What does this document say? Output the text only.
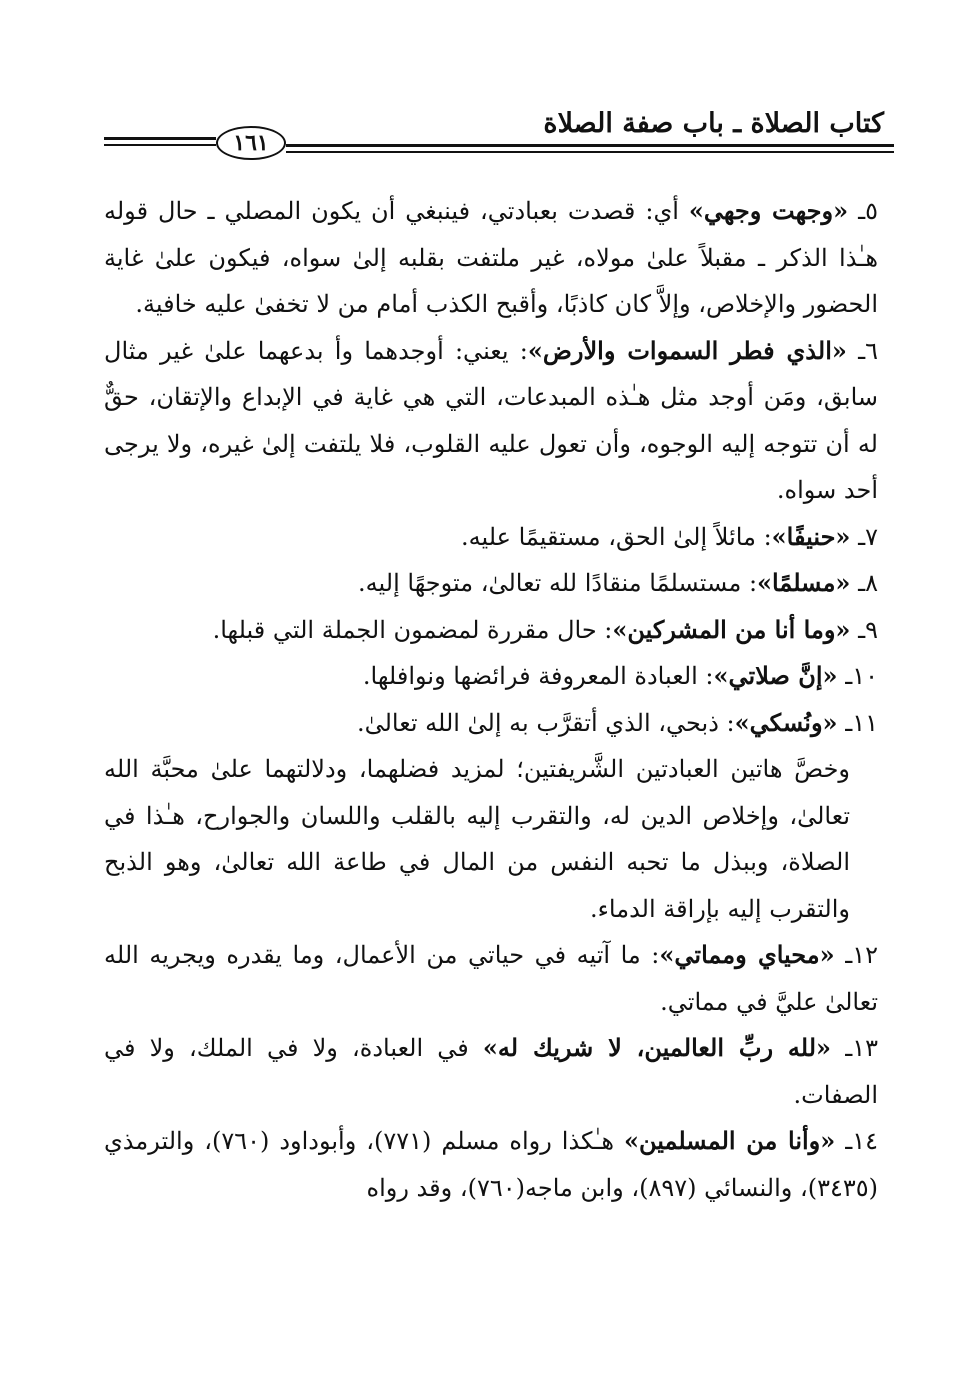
١٦١
كتاب الصلاة ـ باب صفة الصلاة
٥ـ «وجهت وجهي» أي: قصدت بعبادتي، فينبغي أن يكون المصلي ـ حال قوله هـٰذا الذكر ـ مقبلاً علىٰ مولاه، غير ملتفت بقلبه إلىٰ سواه، فيكون علىٰ غاية الحضور والإخلاص، وإلاَّ كان كاذبًا، وأقبح الكذب أمام من لا تخفىٰ عليه خافية.
٦ـ «الذي فطر السموات والأرض»: يعني: أوجدهما وأ بدعهما علىٰ غير مثال سابق، ومَن أوجد مثل هـٰذه المبدعات، التي هي غاية في الإبداع والإتقان، حقٌّ له أن تتوجه إليه الوجوه، وأن تعول عليه القلوب، فلا يلتفت إلىٰ غيره، ولا يرجى أحد سواه.
٧ـ «حنيفًا»: مائلاً إلىٰ الحق، مستقيمًا عليه.
٨ـ «مسلمًا»: مستسلمًا منقادًا لله تعالىٰ، متوجهًا إليه.
٩ـ «وما أنا من المشركين»: حال مقررة لمضمون الجملة التي قبلها.
١٠ـ «إنَّ صلاتي»: العبادة المعروفة فرائضها ونوافلها.
١١ـ «ونُسكي»: ذبحي، الذي أتقرَّب به إلىٰ الله تعالىٰ.
وخصَّ هاتين العبادتين الشَّريفتين؛ لمزيد فضلهما، ودلالتهما علىٰ محبَّة الله تعالىٰ، وإخلاص الدين له، والتقرب إليه بالقلب واللسان والجوارح، هـٰذا في الصلاة، وببذل ما تحبه النفس من المال في طاعة الله تعالىٰ، وهو الذبح والتقرب إليه بإراقة الدماء.
١٢ـ «محياي ومماتي»: ما آتيه في حياتي من الأعمال، وما يقدره ويجريه الله تعالىٰ عليَّ في مماتي.
١٣ـ «لله ربِّ العالمين، لا شريك له» في العبادة، ولا في الملك، ولا في الصفات.
١٤ـ «وأنا من المسلمين» هـٰكذا رواه مسلم (٧٧١)، وأبوداود (٧٦٠)، والترمذي (٣٤٣٥)، والنسائي (٨٩٧)، وابن ماجه(٧٦٠)، وقد رواه
